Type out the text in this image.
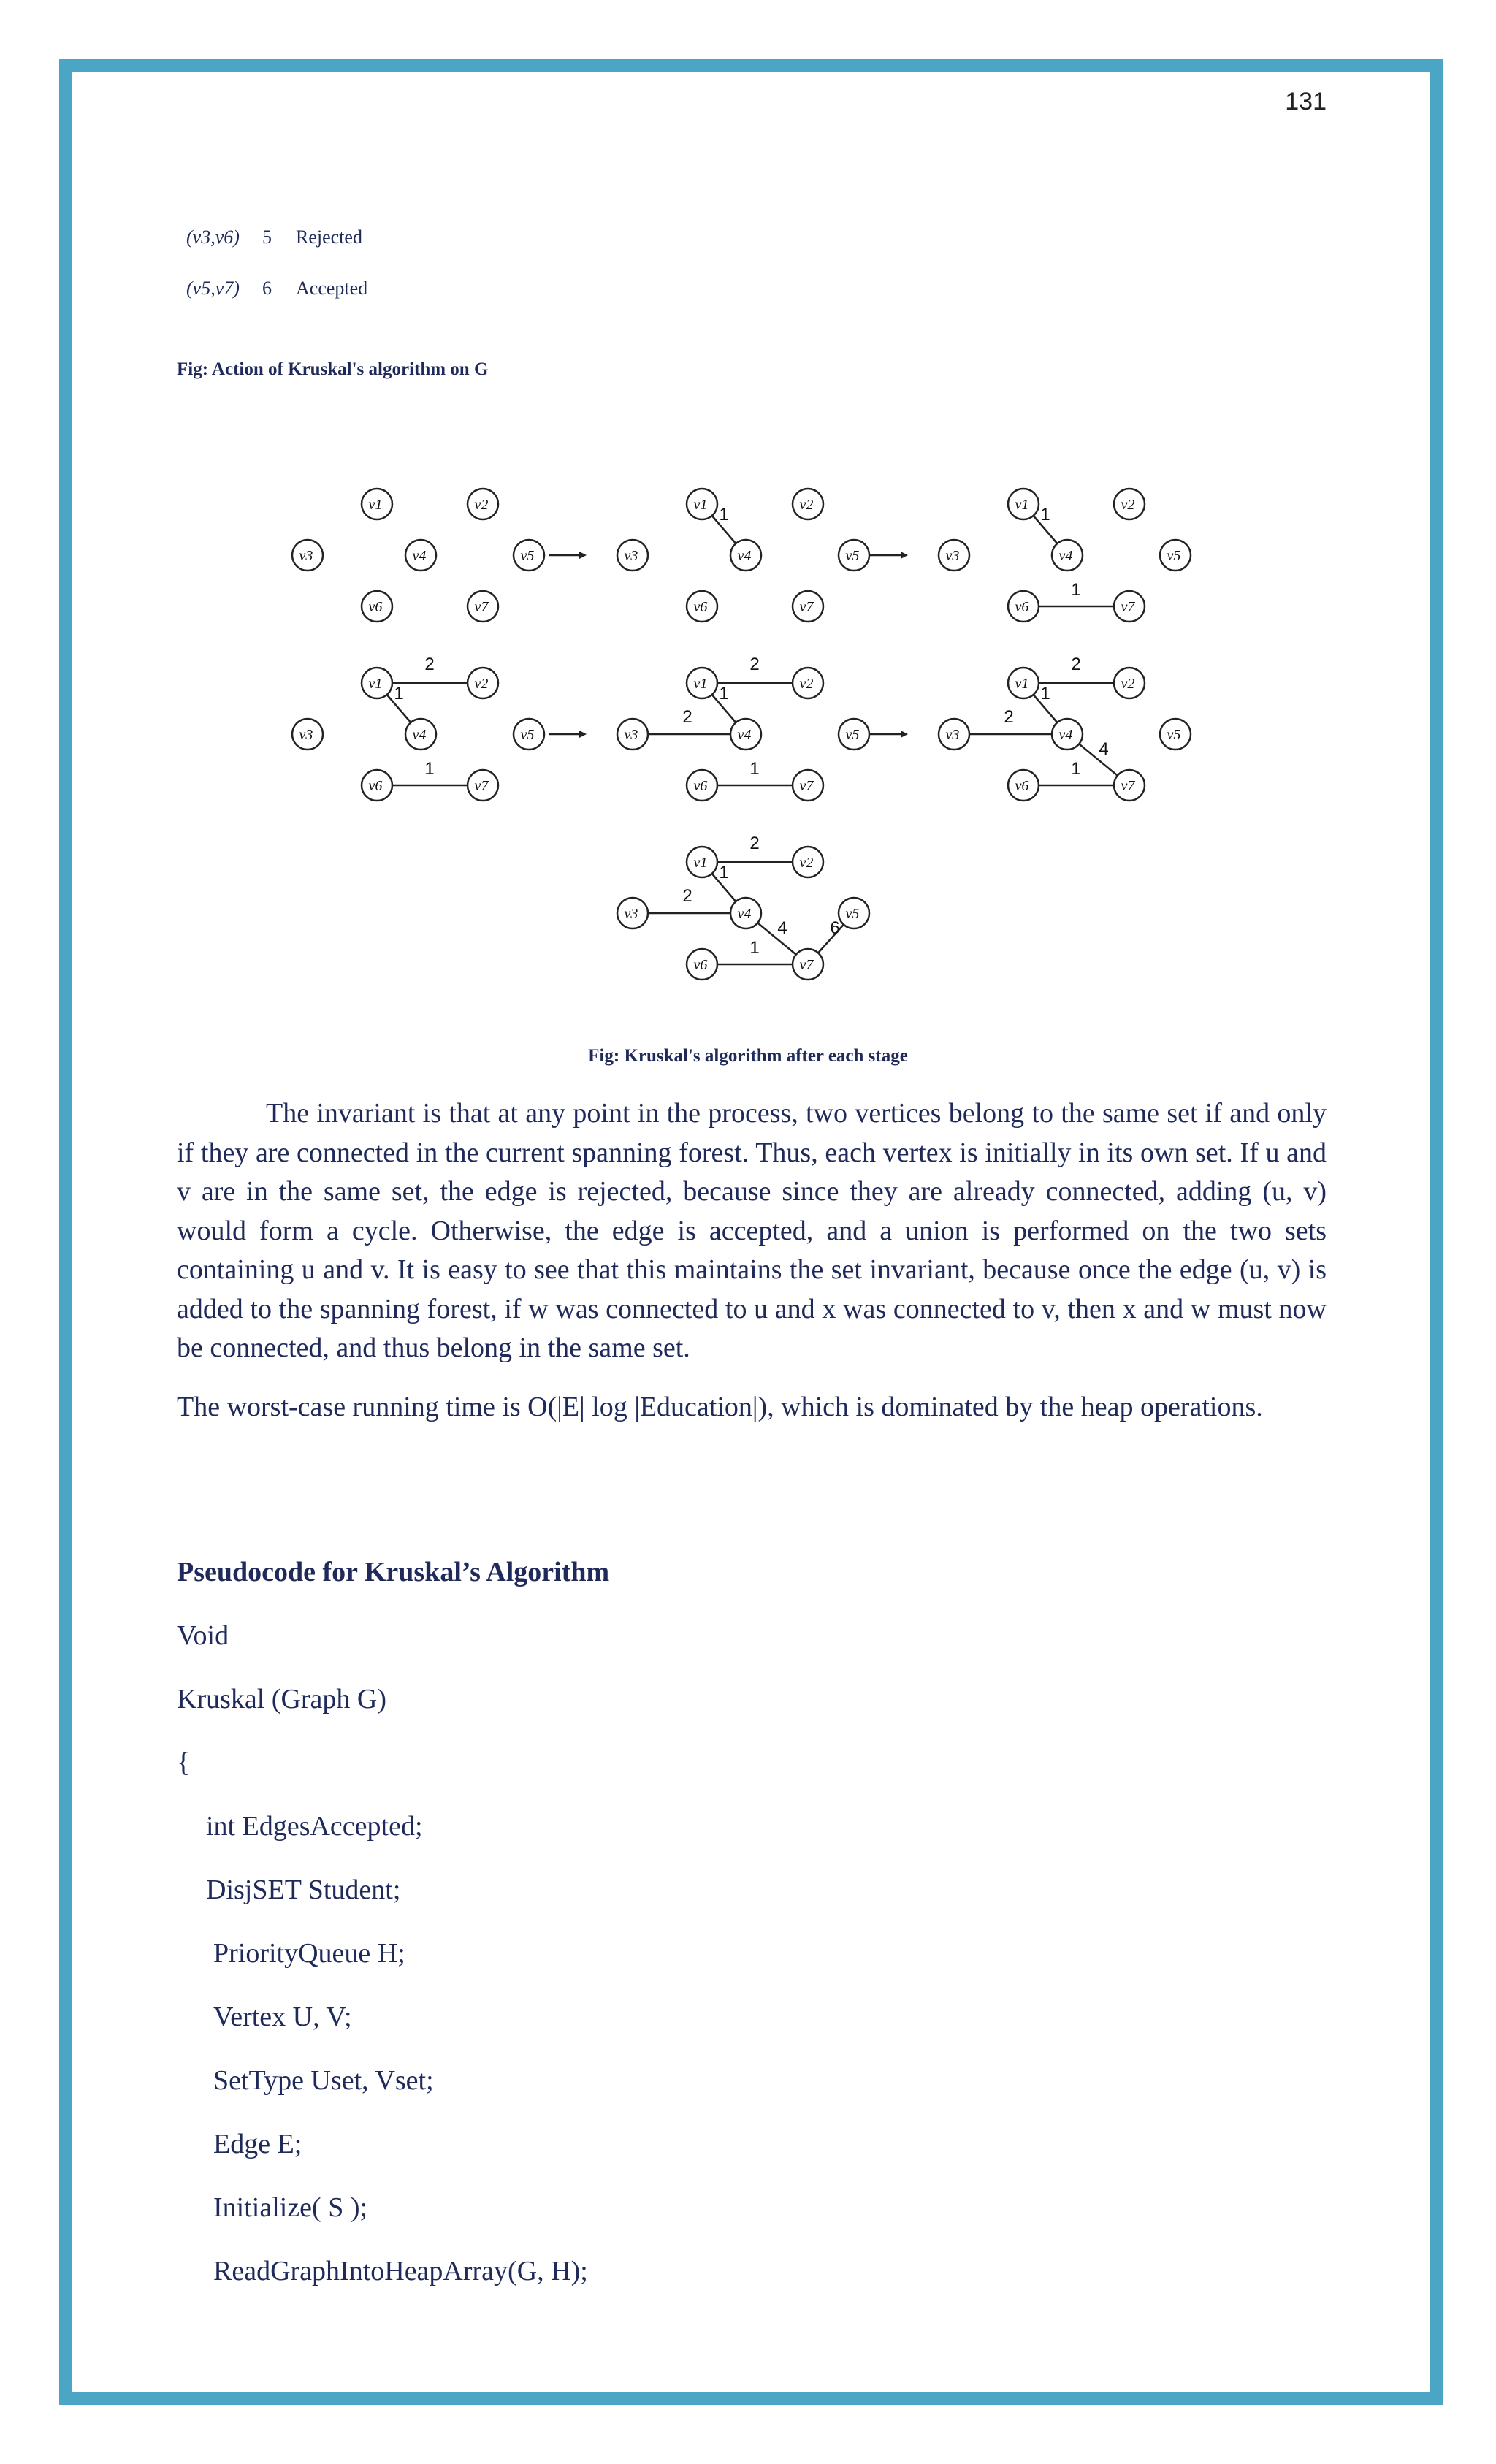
131
(v3,v6) 5 Rejected
(v5,v7) 6 Accepted
Fig: Action of Kruskal's algorithm on G
v1	v2
v3	v4	v5
v6	v7
1
v1	v2
v3	v4	v5
v6	v7
1
1
v1	v2
v3	v4	v5
v6	v7
1
1
2
v1	v2
v3	v4	v5
v6	v7
1
1
2
2
v1	v2
v3	v4	v5
v6	v7
1
1
2
2
4
v1	v2
v3	v4	v5
v6	v7
1
1
2
2
4 6
v1	v2
v3	v4	v5
v6	v7
Fig: Kruskal's algorithm after each stage
The invariant is that at any point in the process, two vertices belong to the same set if and only if they are connected in the current spanning forest. Thus, each vertex is initially in its own set. If u and v are in the same set, the edge is rejected, because since they are already connected, adding (u, v) would form a cycle. Otherwise, the edge is accepted, and a union is performed on the two sets containing u and v. It is easy to see that this maintains the set invariant, because once the edge (u, v) is added to the spanning forest, if w was connected to u and x was connected to v, then x and w must now be connected, and thus belong in the same set.
The worst-case running time is O(|E| log |Education|), which is dominated by the heap operations.
Pseudocode for Kruskal’s Algorithm
Void
Kruskal (Graph G)
{
int EdgesAccepted;
DisjSET Student;
PriorityQueue H;
Vertex U, V;
SetType Uset, Vset;
Edge E;
Initialize( S );
ReadGraphIntoHeapArray(G, H);
